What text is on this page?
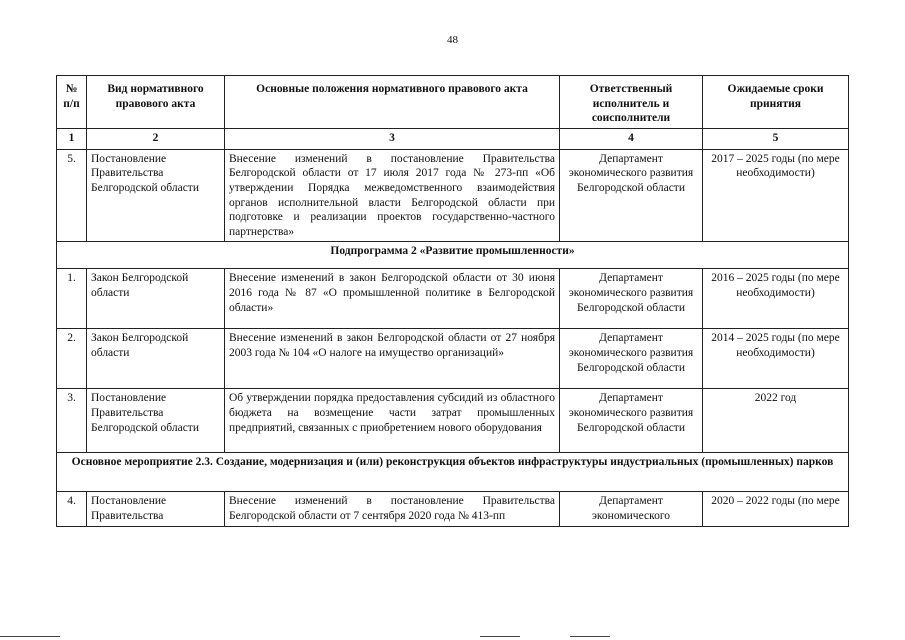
48
№ п/п	Вид нормативного правового акта	Основные положения нормативного правового акта	Ответственный исполнитель и соисполнители	Ожидаемые сроки принятия
1	2	3	4	5
5.	Постановление Правительства Белгородской области	Внесение изменений в постановление Правительства Белгородской области от 17 июля 2017 года № 273-пп «Об утверждении Порядка межведомственного взаимодействия органов исполнительной власти Белгородской области при подготовке и реализации проектов государственно-частного партнерства»	Департамент экономического развития Белгородской области	2017 – 2025 годы (по мере необходимости)
Подпрограмма 2 «Развитие промышленности»				
1.	Закон Белгородской области	Внесение изменений в закон Белгородской области от 30 июня 2016 года № 87 «О промышленной политике в Белгородской области»	Департамент экономического развития Белгородской области	2016 – 2025 годы (по мере необходимости)
2.	Закон Белгородской области	Внесение изменений в закон Белгородской области от 27 ноября 2003 года № 104 «О налоге на имущество организаций»	Департамент экономического развития Белгородской области	2014 – 2025 годы (по мере необходимости)
3.	Постановление Правительства Белгородской области	Об утверждении порядка предоставления субсидий из областного бюджета на возмещение части затрат промышленных предприятий, связанных с приобретением нового оборудования	Департамент экономического развития Белгородской области	2022 год
Основное мероприятие 2.3. Создание, модернизация и (или) реконструкция объектов инфраструктуры индустриальных (промышленных) парков				
4.	Постановление Правительства	Внесение изменений в постановление Правительства Белгородской области от 7 сентября 2020 года № 413-пп	Департамент экономического	2020 – 2022 годы (по мере
